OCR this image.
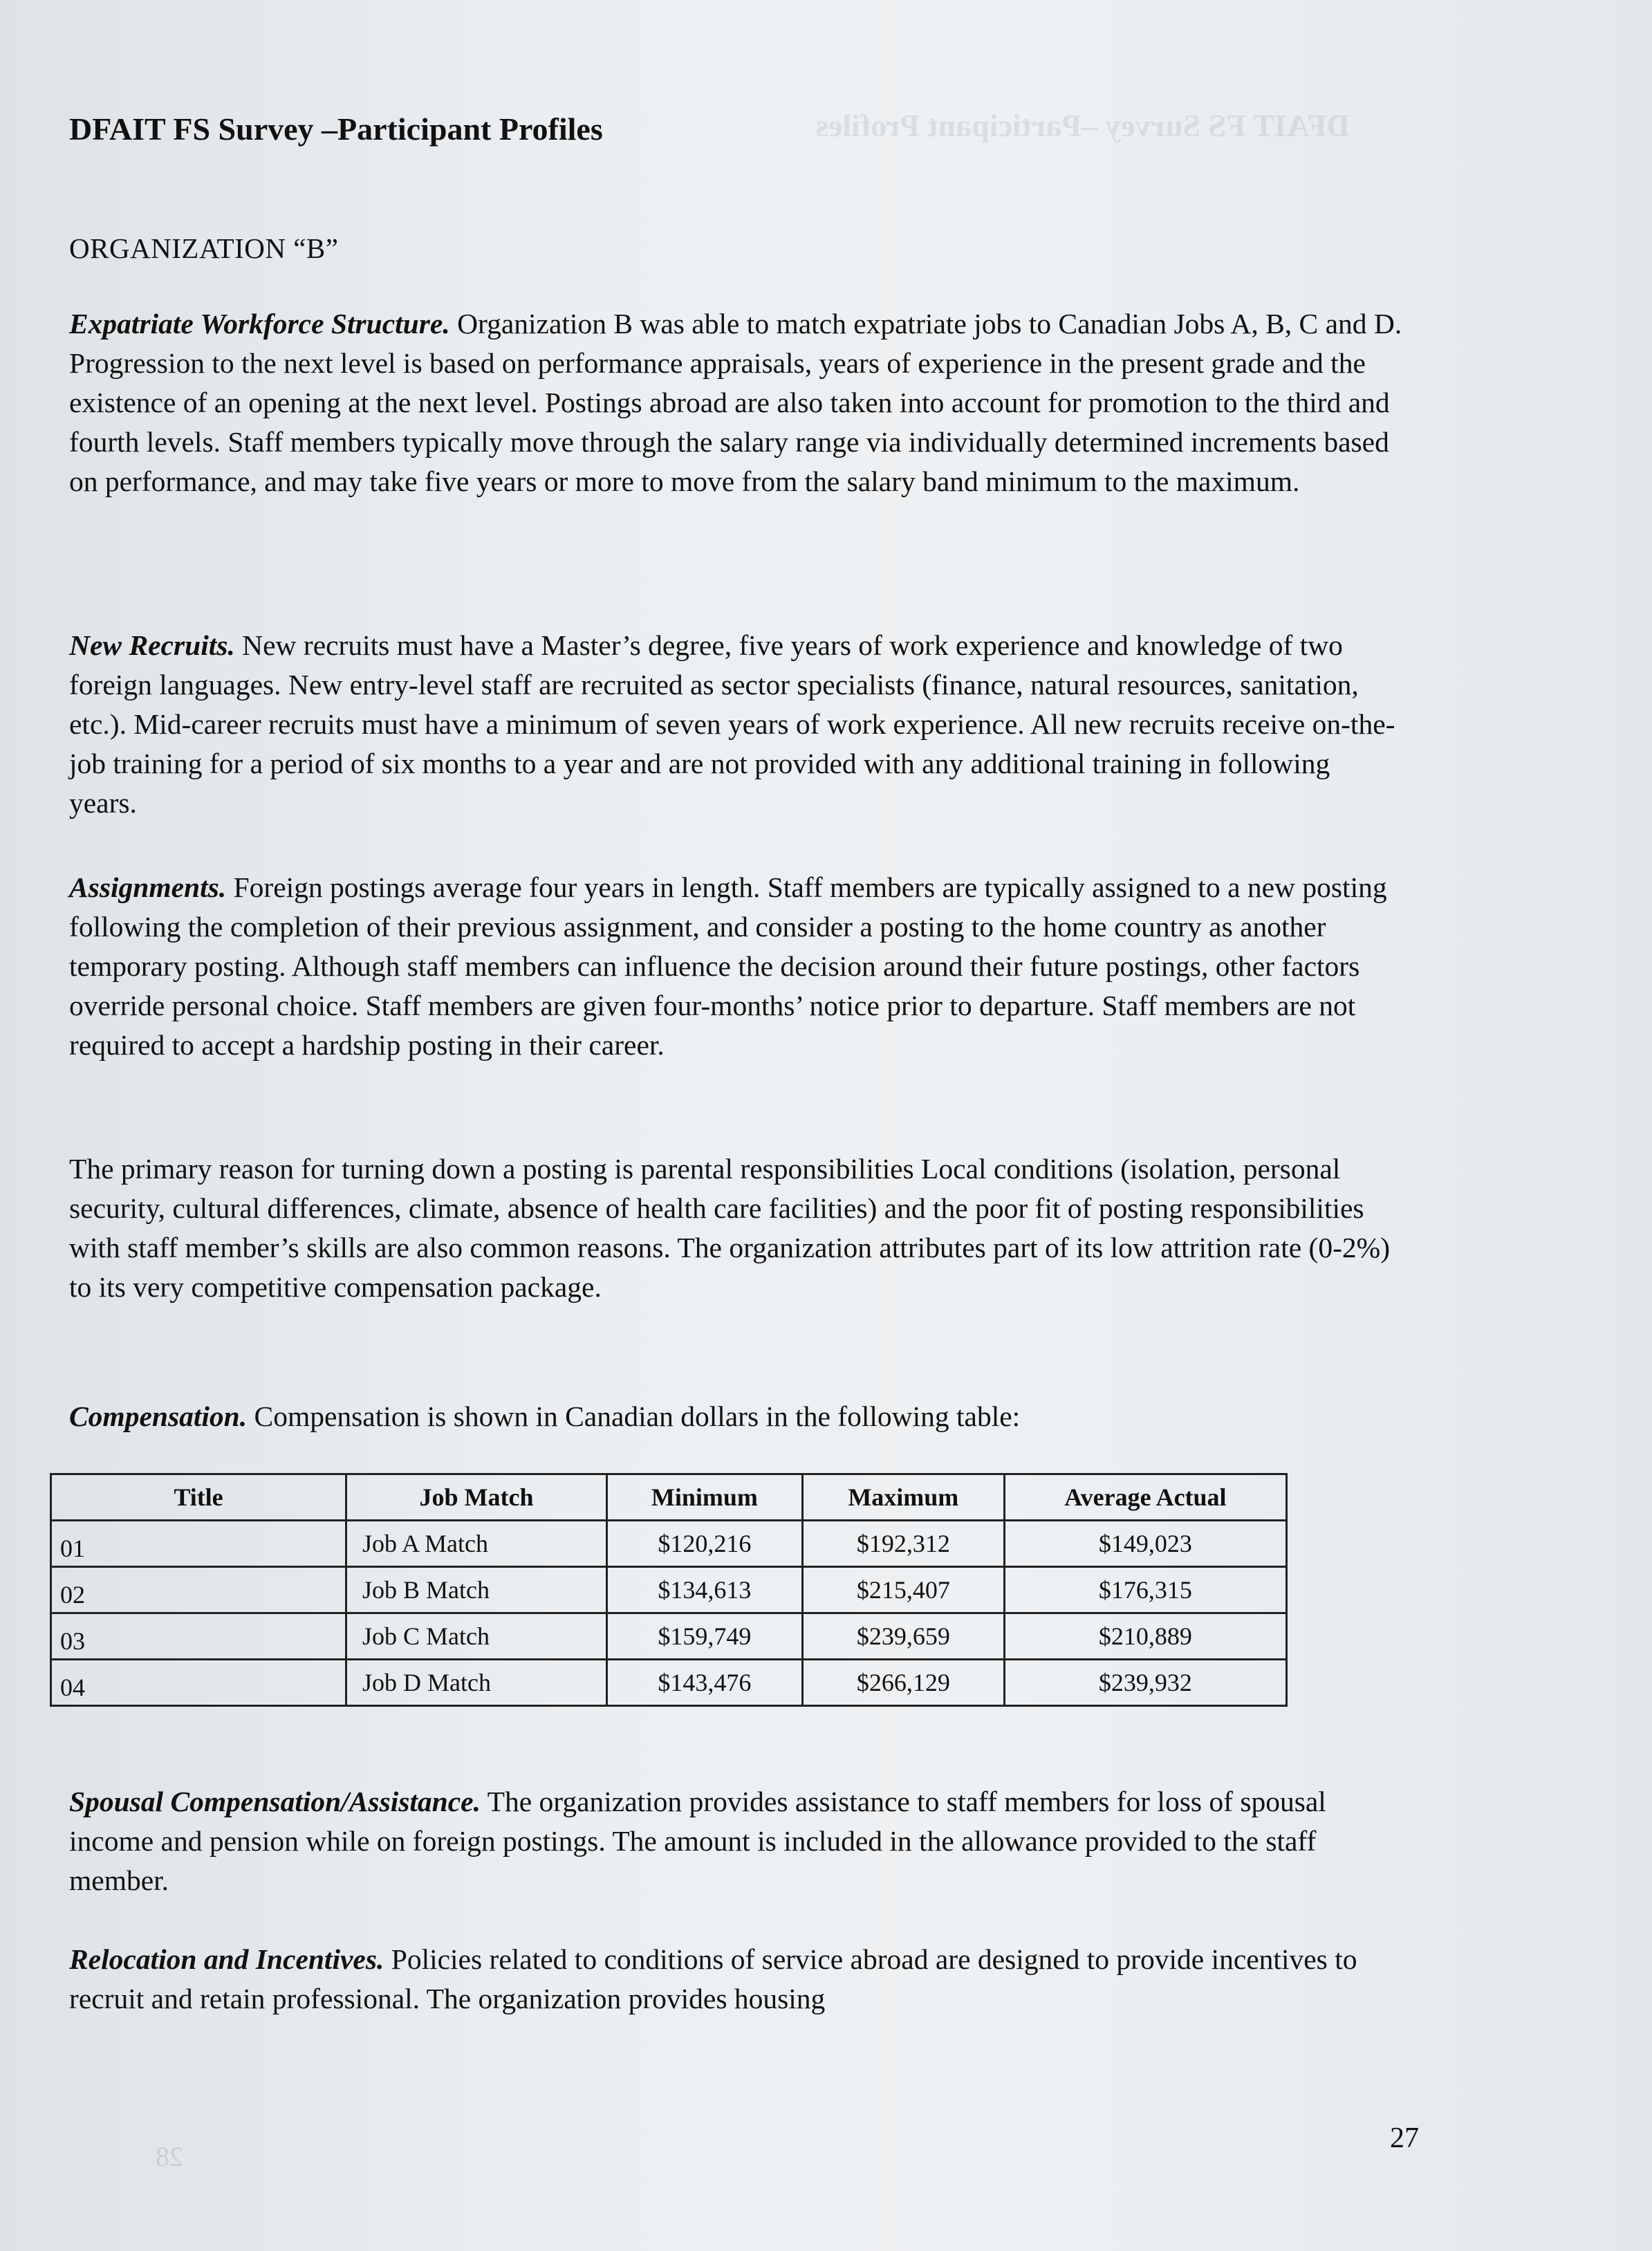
DFAIT FS Survey –Participant Profiles
28
DFAIT FS Survey –Participant Profiles
ORGANIZATION “B”

Expatriate Workforce Structure. Organization B was able to match expatriate jobs to Canadian Jobs A, B, C and D. Progression to the next level is based on performance appraisals, years of experience in the present grade and the existence of an opening at the next level. Postings abroad are also taken into account for promotion to the third and fourth levels. Staff members typically move through the salary range via individually determined increments based on performance, and may take five years or more to move from the salary band minimum to the maximum.

New Recruits. New recruits must have a Master’s degree, five years of work experience and knowledge of two foreign languages. New entry-level staff are recruited as sector specialists (finance, natural resources, sanitation, etc.). Mid-career recruits must have a minimum of seven years of work experience. All new recruits receive on-the-job training for a period of six months to a year and are not provided with any additional training in following years.

Assignments. Foreign postings average four years in length. Staff members are typically assigned to a new posting following the completion of their previous assignment, and consider a posting to the home country as another temporary posting. Although staff members can influence the decision around their future postings, other factors override personal choice. Staff members are given four-months’ notice prior to departure. Staff members are not required to accept a hardship posting in their career.

The primary reason for turning down a posting is parental responsibilities Local conditions (isolation, personal security, cultural differences, climate, absence of health care facilities) and the poor fit of posting responsibilities with staff member’s skills are also common reasons. The organization attributes part of its low attrition rate (0-2%) to its very competitive compensation package.

Compensation. Compensation is shown in Canadian dollars in the following table:

Title	Job Match	Minimum	Maximum	Average Actual
01	Job A Match	$120,216	$192,312	$149,023
02	Job B Match	$134,613	$215,407	$176,315
03	Job C Match	$159,749	$239,659	$210,889
04	Job D Match	$143,476	$266,129	$239,932

Spousal Compensation/Assistance. The organization provides assistance to staff members for loss of spousal income and pension while on foreign postings. The amount is included in the allowance provided to the staff member.

Relocation and Incentives. Policies related to conditions of service abroad are designed to provide incentives to recruit and retain professional. The organization provides housing

27
